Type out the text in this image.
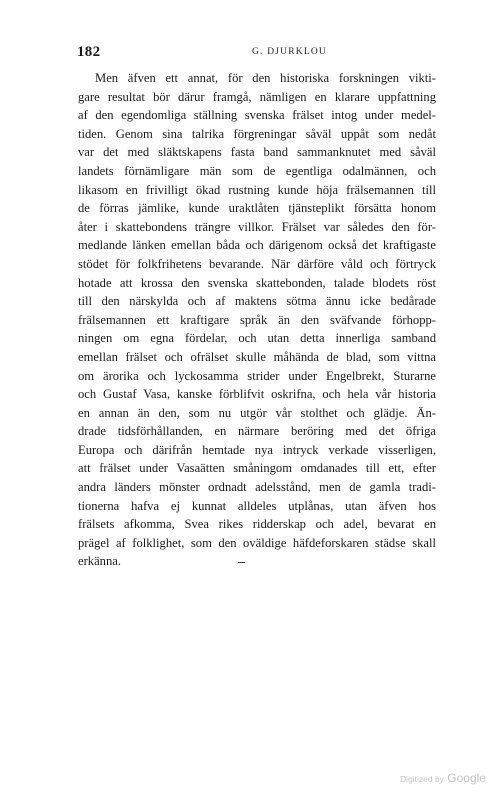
182	G. DJURKLOU
Men äfven ett annat, för den historiska forskningen vikti-
gare resultat bör därur framgå, nämligen en klarare uppfattning
af den egendomliga ställning svenska frälset intog under medel-
tiden. Genom sina talrika förgreningar såväl uppåt som nedåt
var det med släktskapens fasta band sammanknutet med såväl
landets förnämligare män som de egentliga odalmännen, och
likasom en frivilligt ökad rustning kunde höja frälsemannen till
de förras jämlike, kunde uraktlåten tjänsteplikt försätta honom
åter i skattebondens trängre villkor. Frälset var således den för-
medlande länken emellan båda och därigenom också det kraftigaste
stödet för folkfrihetens bevarande. När därföre våld och förtryck
hotade att krossa den svenska skattebonden, talade blodets röst
till den närskylda och af maktens sötma ännu icke bedårade
frälsemannen ett kraftigare språk än den sväfvande förhopp-
ningen om egna fördelar, och utan detta innerliga samband
emellan frälset och ofrälset skulle måhända de blad, som vittna
om ärorika och lyckosamma strider under Engelbrekt, Sturarne
och Gustaf Vasa, kanske förblifvit oskrifna, och hela vår historia
en annan än den, som nu utgör vår stolthet och glädje. Än-
drade tidsförhållanden, en närmare beröring med det öfriga
Europa och därifrån hemtade nya intryck verkade visserligen,
att frälset under Vasaätten småningom omdanades till ett, efter
andra länders mönster ordnadt adelsstånd, men de gamla tradi-
tionerna hafva ej kunnat alldeles utplånas, utan äfven hos
frälsets afkomma, Svea rikes ridderskap och adel, bevarat en
prägel af folklighet, som den oväldige häfdeforskaren städse skall
erkänna.
Digitized by Google
